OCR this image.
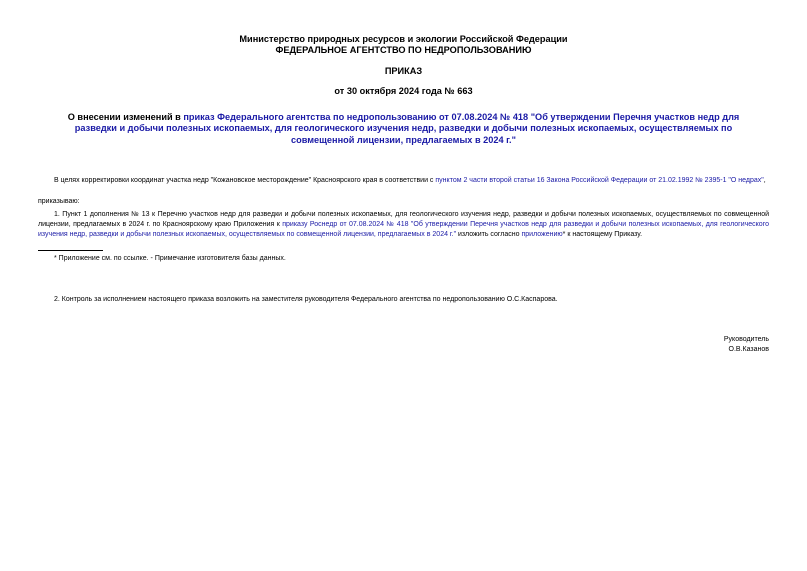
Министерство природных ресурсов и экологии Российской Федерации
ФЕДЕРАЛЬНОЕ АГЕНТСТВО ПО НЕДРОПОЛЬЗОВАНИЮ
ПРИКАЗ
от 30 октября 2024 года № 663
О внесении изменений в приказ Федерального агентства по недропользованию от 07.08.2024 № 418 "Об утверждении Перечня участков недр для разведки и добычи полезных ископаемых, для геологического изучения недр, разведки и добычи полезных ископаемых, осуществляемых по совмещенной лицензии, предлагаемых в 2024 г."
В целях корректировки координат участка недр "Кожановское месторождение" Красноярского края в соответствии с пунктом 2 части второй статьи 16 Закона Российской Федерации от 21.02.1992 № 2395-1 "О недрах",
приказываю:
1. Пункт 1 дополнения № 13 к Перечню участков недр для разведки и добычи полезных ископаемых, для геологического изучения недр, разведки и добычи полезных ископаемых, осуществляемых по совмещенной лицензии, предлагаемых в 2024 г. по Красноярскому краю Приложения к приказу Роснедр от 07.08.2024 № 418 "Об утверждении Перечня участков недр для разведки и добычи полезных ископаемых, для геологического изучения недр, разведки и добычи полезных ископаемых, осуществляемых по совмещенной лицензии, предлагаемых в 2024 г." изложить согласно приложению* к настоящему Приказу.
* Приложение см. по ссылке. - Примечание изготовителя базы данных.
2. Контроль за исполнением настоящего приказа возложить на заместителя руководителя Федерального агентства по недропользованию О.С.Каспарова.
Руководитель
О.В.Казанов
